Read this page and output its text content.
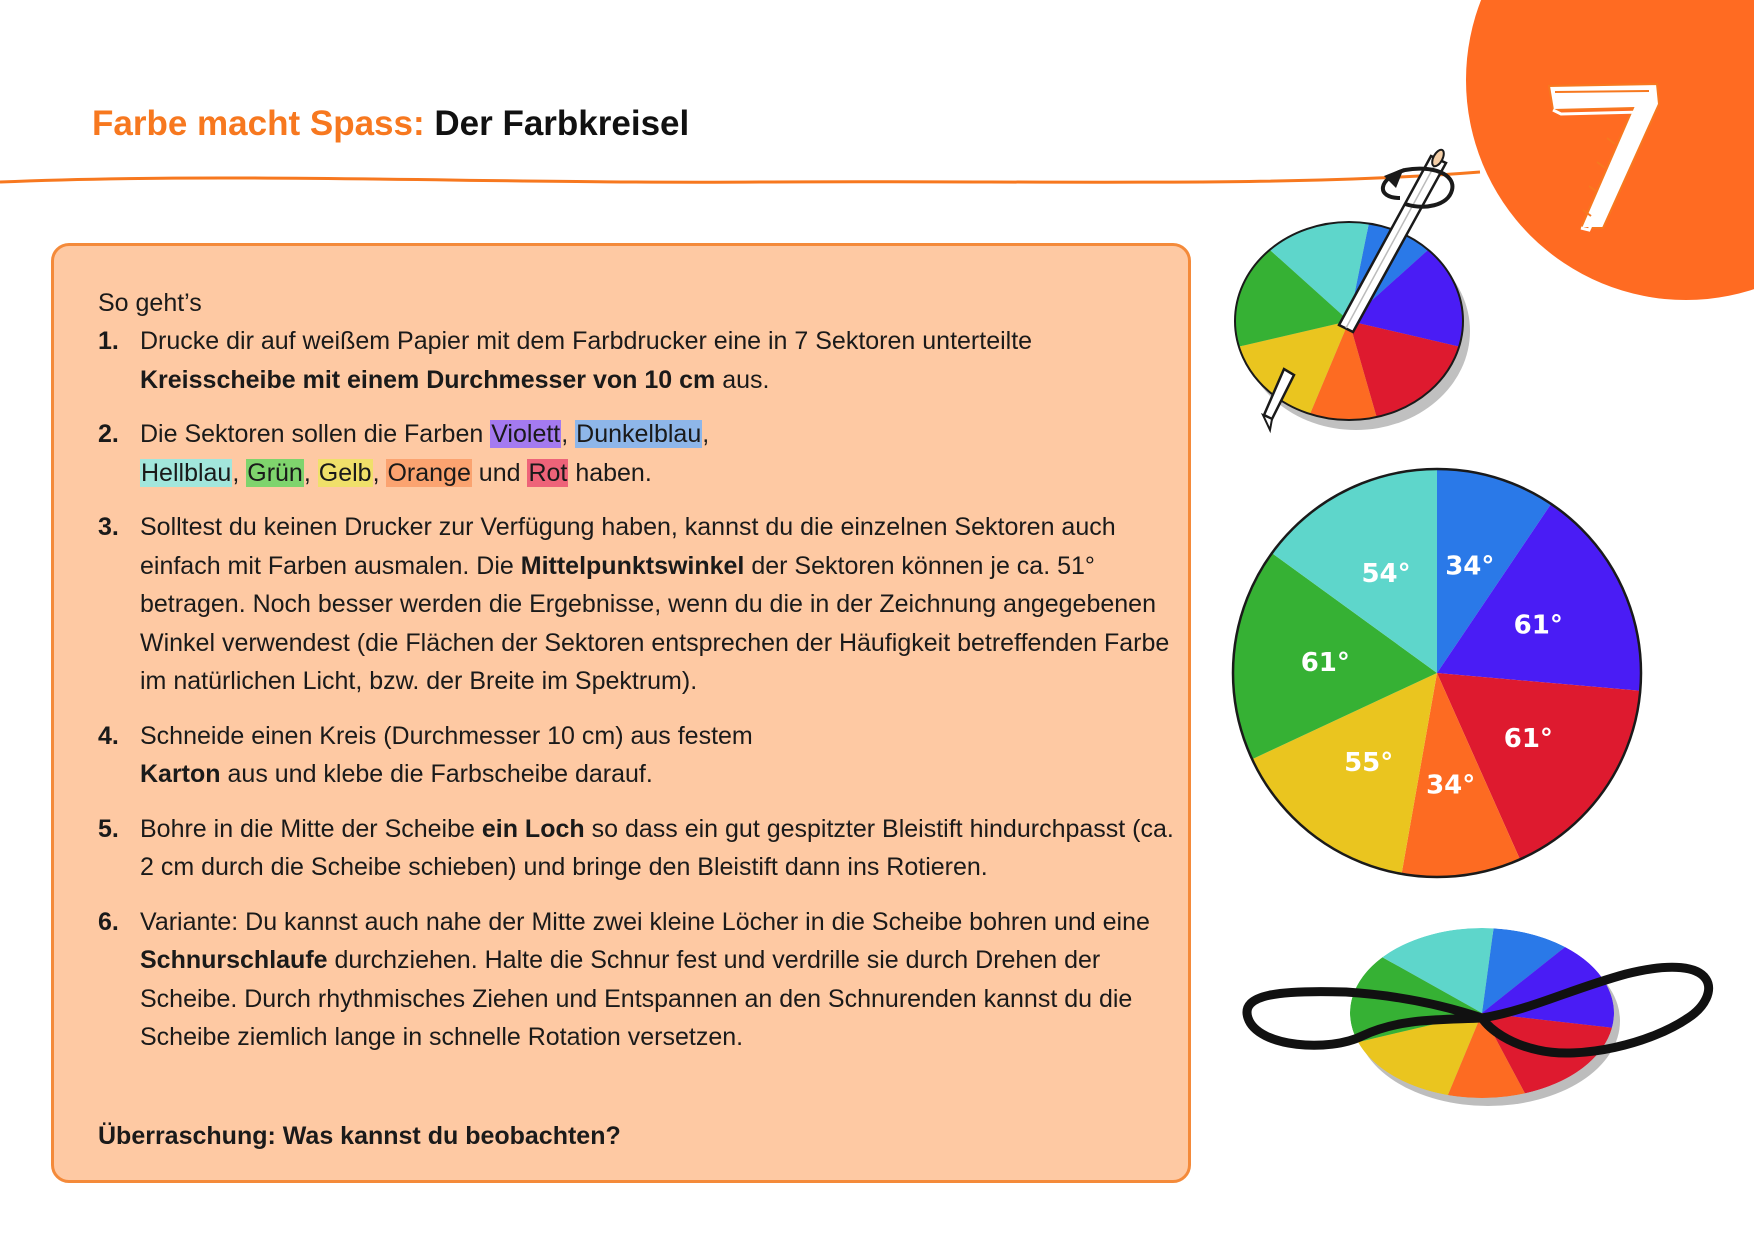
Farbe macht Spass: Der Farbkreisel
So geht’s
1. Drucke dir auf weißem Papier mit dem Farbdrucker eine in 7 Sektoren unterteilte Kreisscheibe mit einem Durchmesser von 10 cm aus.
2. Die Sektoren sollen die Farben Violett, Dunkelblau,
Hellblau, Grün, Gelb, Orange und Rot haben.
3. Solltest du keinen Drucker zur Verfügung haben, kannst du die einzelnen Sektoren auch einfach mit Farben ausmalen. Die Mittelpunktswinkel der Sektoren können je ca. 51° betragen. Noch besser werden die Ergebnisse, wenn du die in der Zeichnung angegebenen Winkel verwendest (die Flächen der Sektoren entsprechen der Häufigkeit betreffenden Farbe im natürlichen Licht, bzw. der Breite im Spektrum).
4. Schneide einen Kreis (Durchmesser 10 cm) aus festem
Karton aus und klebe die Farbscheibe darauf.
5. Bohre in die Mitte der Scheibe ein Loch so dass ein gut gespitzter Bleistift hindurchpasst (ca. 2 cm durch die Scheibe schieben) und bringe den Bleistift dann ins Rotieren.
6. Variante: Du kannst auch nahe der Mitte zwei kleine Löcher in die Scheibe bohren und eine Schnurschlaufe durchziehen. Halte die Schnur fest und verdrille sie durch Drehen der Scheibe. Durch rhythmisches Ziehen und Entspannen an den Schnurenden kannst du die Scheibe ziemlich lange in schnelle Rotation versetzen.
Überraschung: Was kannst du beobachten?
34°
61°
61°
34°
55°
61°
54°
